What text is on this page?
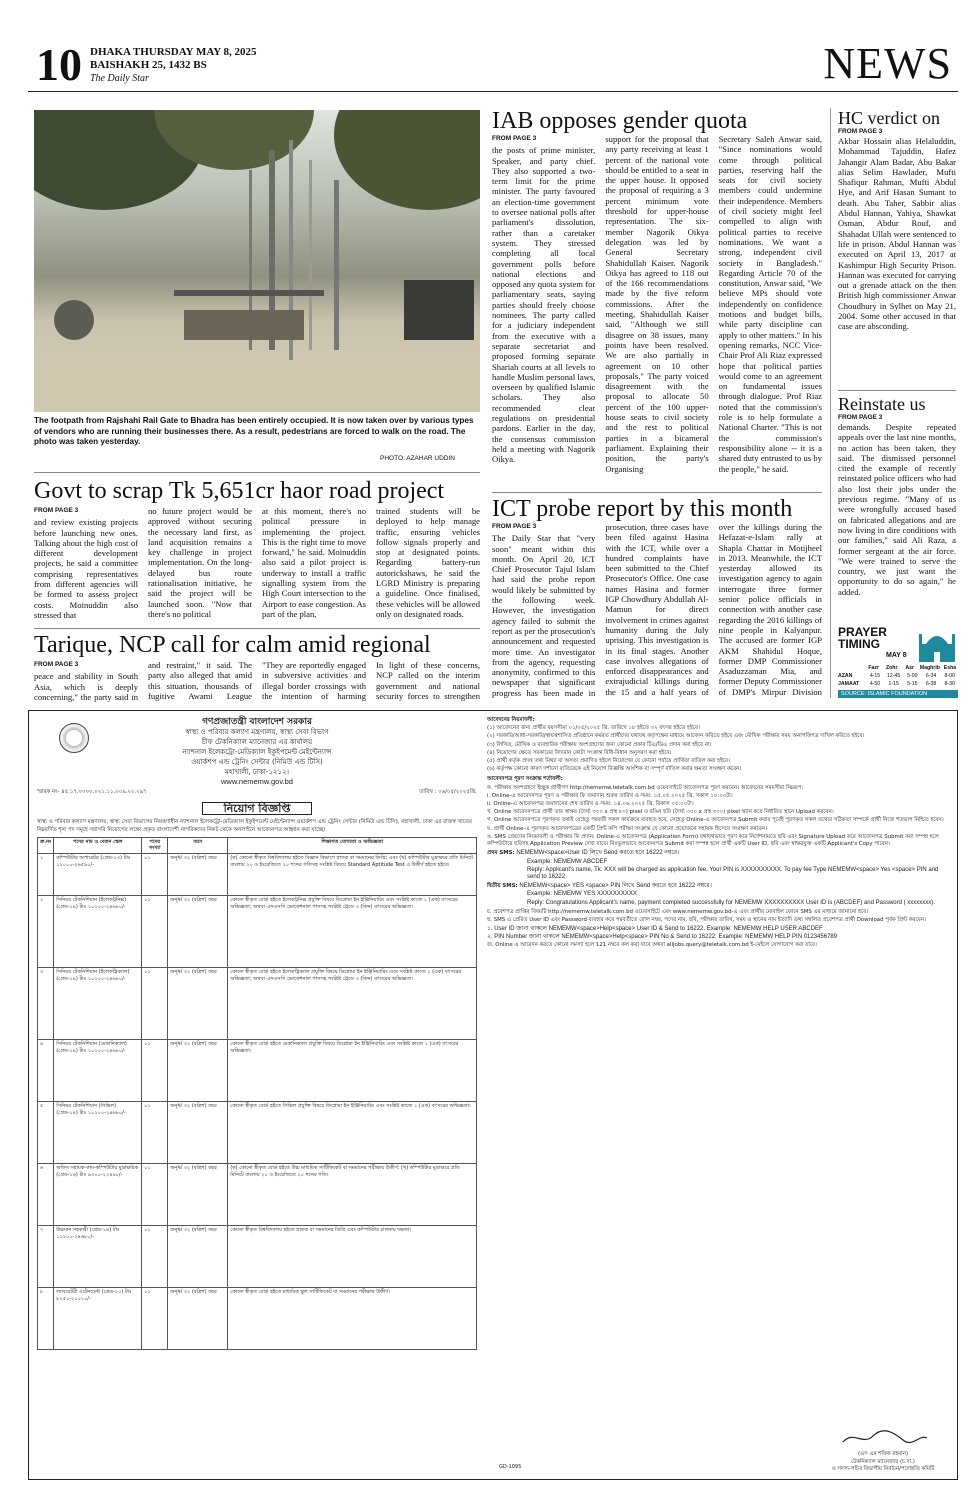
10 DHAKA THURSDAY MAY 8, 2025
BAISHAKH 25, 1432 BS
The Daily Star	NEWS
The footpath from Rajshahi Rail Gate to Bhadra has been entirely occupied. It is now taken over by various types of vendors who are running their businesses there. As a result, pedestrians are forced to walk on the road. The photo was taken yesterday.
PHOTO: AZAHAR UDDIN
IAB opposes gender quota
FROM PAGE 3

the posts of prime minister, Speaker, and party chief. They also supported a two-term limit for the prime minister. The party favoured an election-time government to oversee national polls after parliament's dissolution, rather than a caretaker system. They stressed completing all local government polls before national elections and opposed any quota system for parliamentary seats, saying parties should freely choose nominees. The party called for a judiciary independent from the executive with a separate secretariat and proposed forming separate Shariah courts at all levels to handle Muslim personal laws, overseen by qualified Islamic scholars. They also recommended clear regulations on presidential pardons. Earlier in the day, the consensus commission held a meeting with Nagorik Oikya.

support for the proposal that any party receiving at least 1 percent of the national vote should be entitled to a seat in the upper house. It opposed the proposal of requiring a 3 percent minimum vote threshold for upper-house representation. The six-member Nagorik Oikya delegation was led by General Secretary Shahidullah Kaiser. Nagorik Oikya has agreed to 118 out of the 166 recommendations made by the five reform commissions. After the meeting, Shahidullah Kaiser said, "Although we still disagree on 38 issues, many points have been resolved. We are also partially in agreement on 10 other proposals." The party voiced disagreement with the proposal to allocate 50 percent of the 100 upper-house seats to civil society and the rest to political parties in a bicameral parliament. Explaining their position, the party's Organising

Secretary Saleh Anwar said, "Since nominations would come through political parties, reserving half the seats for civil society members could undermine their independence. Members of civil society might feel compelled to align with political parties to receive nominations. We want a strong, independent civil society in Bangladesh." Regarding Article 70 of the constitution, Anwar said, "We believe MPs should vote independently on confidence motions and budget bills, while party discipline can apply to other matters." In his opening remarks, NCC Vice-Chair Prof Ali Riaz expressed hope that political parties would come to an agreement on fundamental issues through dialogue. Prof Riaz noted that the commission's role is to help formulate a National Charter. "This is not the commission's responsibility alone -- it is a shared duty entrusted to us by the people," he said.

HC verdict on
FROM PAGE 3
Akbar Hossain alias Helaluddin, Mohammad Tajuddin, Hafez Jahangir Alam Badar, Abu Bakar alias Selim Hawlader, Mufti Shafiqur Rahman, Mufti Abdul Hye, and Arif Hasan Sumant to death. Abu Taher, Sabbir alias Abdul Hannan, Yahiya, Shawkat Osman, Abdur Rouf, and Shahadat Ullah were sentenced to life in prison. Abdul Hannan was executed on April 13, 2017 at Kashimpur High Security Prison. Hannan was executed for carrying out a grenade attack on the then British high commissioner Anwar Choudhury in Sylhet on May 21, 2004. Some other accused in that case are absconding.
Reinstate us
FROM PAGE 3
demands. Despite repeated appeals over the last nine months, no action has been taken, they said. The dismissed personnel cited the example of recently reinstated police officers who had also lost their jobs under the previous regime. "Many of us were wrongfully accused based on fabricated allegations and are now living in dire conditions with our families," said Ali Raza, a former sergeant at the air force. "We were trained to serve the country, we just want the opportunity to do so again," he added.
Govt to scrap Tk 5,651cr haor road project
FROM PAGE 3

and review existing projects before launching new ones. Talking about the high cost of different development projects, he said a committee comprising representatives from different agencies will be formed to assess project costs. Moinuddin also stressed that

no future project would be approved without securing the necessary land first, as land acquisition remains a key challenge in project implementation. On the long-delayed bus route rationalisation initiative, he said the project will be launched soon. "Now that there's no political

at this moment, there's no political pressure in implementing the project. This is the right time to move forward," he said. Moinuddin also said a pilot project is underway to install a traffic signalling system from the High Court intersection to the Airport to ease congestion. As part of the plan,

trained students will be deployed to help manage traffic, ensuring vehicles follow signals properly and stop at designated points. Regarding battery-run autorickshaws, he said the LGRD Ministry is preparing a guideline. Once finalised, these vehicles will be allowed only on designated roads.

ICT probe report by this month
FROM PAGE 3

The Daily Star that "very soon" meant within this month. On April 20, ICT Chief Prosecutor Tajul Islam had said the probe report would likely be submitted by the following week. However, the investigation agency failed to submit the report as per the prosecution's announcement and requested more time. An investigator from the agency, requesting anonymity, confirmed to this newspaper that significant progress has been made in

prosecution, three cases have been filed against Hasina with the ICT, while over a hundred complaints have been submitted to the Chief Prosecutor's Office. One case names Hasina and former IGP Chowdhury Abdullah Al-Mamun for direct involvement in crimes against humanity during the July uprising. This investigation is in its final stages. Another case involves allegations of enforced disappearances and extrajudicial killings during the 15 and a half years of

over the killings during the Hefazat-e-Islam rally at Shapla Chattar in Motijheel in 2013. Meanwhile, the ICT yesterday allowed its investigation agency to again interrogate three former senior police officials in connection with another case regarding the 2016 killings of nine people in Kalyanpur. The accused are former IGP AKM Shahidul Hoque, former DMP Commissioner Asaduzzaman Mia, and former Deputy Commissioner of DMP's Mirpur Division

Tarique, NCP call for calm amid regional
FROM PAGE 3

peace and stability in South Asia, which is deeply concerning," the party said in

and restraint," it said. The party also alleged that amid this situation, thousands of fugitive Awami League

"They are reportedly engaged in subversive activities and illegal border crossings with the intention of harming

In light of these concerns, NCP called on the interim government and national security forces to strengthen

PRAYER TIMING
MAY 8
Fazr	Zohr	Asr	Maghrib Esha
AZAN	4-15	12-45	5-00	6-34	8-00
JAMAAT	4-50	1-15	5-15	6-38	8-30
SOURCE: ISLAMIC FOUNDATION
গণপ্রজাতন্ত্রী বাংলাদেশ সরকার
স্বাস্থ্য ও পরিবার কল্যাণ মন্ত্রণালয়, স্বাস্থ্য সেবা বিভাগ
চীফ টেকনিক্যাল ম্যানেজার এর কার্যালয়
ন্যাশনাল ইলেকট্রো-মেডিক্যাল ইকুইপমেন্ট মেইন্টেন্যান্স
ওয়ার্কশপ এন্ড ট্রেনিং সেন্টার (নিমিউ এন্ড টিসি)
মহাখালী, ঢাকা-১২১২।
www.nememw.gov.bd
স্মারক নং- ৪৫.১৭.০০০০.০২১.১১.০০৯.২২.২৯৭	তারিখ : ০৬/০৫/২০২৫খ্রি.
নিয়োগ বিজ্ঞপ্তি
স্বাস্থ্য ও পরিবার কল্যাণ মন্ত্রণালয়, স্বাস্থ্য সেবা বিভাগের নিয়ন্ত্রণাধীন ন্যাশনাল ইলেকট্রো-মেডিক্যাল ইকুইপমেন্ট মেইন্টেন্যান্স ওয়ার্কশপ এন্ড ট্রেনিং সেন্টার (নিমিউ এন্ড টিসি), মহাখালী, ঢাকা এর রাজস্ব খাতের নিম্নবর্ণিত শূন্য পদ সমূহে সরাসরি নিয়োগের লক্ষ্যে প্রকৃত বাংলাদেশী নাগরিকদের নিকট থেকে অনলাইনে আবেদনপত্র আহ্বান করা যাচ্ছে।
ক্র.নং	পদের নাম ও বেতন স্কেল	পদের সংখ্যা	বয়স	শিক্ষাগত যোগ্যতা ও অভিজ্ঞতা
১	কম্পিউটার অপারেটর (গ্রেড-১৩) টাঃ ১১০০০-২৬৫৯০/-	০১	অনূর্ধ্ব ৩২ (বত্রিশ) বছর	(ক) কোনো স্বীকৃত বিশ্ববিদ্যালয় হইতে বিজ্ঞান বিভাগে স্নাতক বা সমমানের ডিগ্রি; এবং (খ) কম্পিউটার মুদ্রাক্ষরে প্রতি মিনিটে বাংলায় ২০ ও ইংরেজিতে ২০ শব্দের গতিসহ সংশ্লিষ্ট বিষয়ে Standard Aptitude Test এ উত্তীর্ণ হইতে হইবে।
২	সিনিয়র টেকনিশিয়ান (ইলেকট্রনিক্স) (গ্রেড-১৪) টাঃ ১০২০০-২৪৬৮০/-	০১	অনূর্ধ্ব ৩২ (বত্রিশ) বছর	কোনো স্বীকৃত বোর্ড হইতে ইলেকট্রনিক্স প্রযুক্তি বিষয়ে ডিপ্লোমা ইন ইঞ্জিনিয়ারিং এবং সংশ্লিষ্ট কাজে ১ (এক) বৎসরের অভিজ্ঞতা; অথবা এসএসসি ভোকেশনাল পাসসহ সংশ্লিষ্ট ট্রেডে ৩ (তিন) বৎসরের অভিজ্ঞতা।
৩	সিনিয়র টেকনিশিয়ান (ইলেকট্রিক্যাল) (গ্রেড-১৪) টাঃ ১০২০০-২৪৬৮০/-	০১	অনূর্ধ্ব ৩২ (বত্রিশ) বছর	কোনো স্বীকৃত বোর্ড হইতে ইলেকট্রিক্যাল প্রযুক্তি বিষয়ে ডিপ্লোমা ইন ইঞ্জিনিয়ারিং এবং সংশ্লিষ্ট কাজে ১ (এক) বৎসরের অভিজ্ঞতা; অথবা এসএসসি ভোকেশনাল পাসসহ সংশ্লিষ্ট ট্রেডে ৩ (তিন) বৎসরের অভিজ্ঞতা।
৪	সিনিয়র টেকনিশিয়ান (মেকানিক্যাল) (গ্রেড-১৪) টাঃ ১০২০০-২৪৬৮০/-	০১	অনূর্ধ্ব ৩২ (বত্রিশ) বছর	কোনো স্বীকৃত বোর্ড হইতে মেকানিক্যাল প্রযুক্তি বিষয়ে ডিপ্লোমা ইন ইঞ্জিনিয়ারিং এবং সংশ্লিষ্ট কাজে ১ (এক) বৎসরের অভিজ্ঞতা।
৫	সিনিয়র টেকনিশিয়ান (সিভিল) (গ্রেড-১৪) টাঃ ১০২০০-২৪৬৮০/-	০১	অনূর্ধ্ব ৩২ (বত্রিশ) বছর	কোনো স্বীকৃত বোর্ড হইতে সিভিল প্রযুক্তি বিষয়ে ডিপ্লোমা ইন ইঞ্জিনিয়ারিং এবং সংশ্লিষ্ট কাজে ১ (এক) বৎসরের অভিজ্ঞতা।
৬	অফিস সহায়ক-কাম-কম্পিউটার মুদ্রাক্ষরিক (গ্রেড-১৬) টাঃ ৯৩০০-২২৪৯০/-	০১	অনূর্ধ্ব ৩২ (বত্রিশ) বছর	(ক) কোনো স্বীকৃত বোর্ড হইতে উচ্চ মাধ্যমিক সার্টিফিকেট বা সমমানের পরীক্ষায় উত্তীর্ণ; (খ) কম্পিউটার মুদ্রাক্ষরে প্রতি মিনিটে বাংলায় ২০ ও ইংরেজিতে ২০ শব্দের গতি।
৭	উচ্চমান সহকারী (গ্রেড-১৪) টাঃ ১০২০০-২৪৬৮০/-	০১	অনূর্ধ্ব ৩২ (বত্রিশ) বছর	কোনো স্বীকৃত বিশ্ববিদ্যালয় হইতে স্নাতক বা সমমানের ডিগ্রি এবং কম্পিউটার চালনায় দক্ষতা।
৮	ল্যাবরেটরী এটেনডেন্ট (গ্রেড-২০) টাঃ ৮২৫০-২০০১০/-	০১	অনূর্ধ্ব ৩২ (বত্রিশ) বছর	কোনো স্বীকৃত বোর্ড হইতে মাধ্যমিক স্কুল সার্টিফিকেট বা সমমানের পরীক্ষায় উত্তীর্ণ।

আবেদনের নিয়মাবলী:

(১) আবেদনের জন্য প্রার্থীর বয়সসীমা ০১/০৫/২০২৫ খ্রি. তারিখে ১৮ হইতে ৩২ বৎসর হইতে হইবে।

(২) সরকারি/আধা-সরকারি/স্বায়ত্তশাসিত প্রতিষ্ঠানে কর্মরত প্রার্থীদের যথাযথ কর্তৃপক্ষের মাধ্যমে আবেদন করিতে হইবে এবং মৌখিক পরীক্ষার সময় অনাপত্তিপত্র দাখিল করিতে হইবে।

(৩) লিখিত, মৌখিক ও ব্যবহারিক পরীক্ষায় অংশগ্রহণের জন্য কোনো প্রকার টিএ/ডিএ প্রদান করা হইবে না।

(৪) নিয়োগের ক্ষেত্রে সরকারের বিদ্যমান কোটা সংক্রান্ত বিধি-বিধান অনুসরণ করা হইবে।

(৫) প্রার্থী কর্তৃক প্রদত্ত তথ্য মিথ্যা বা অসত্য প্রমাণিত হইলে নিয়োগের যে কোনো পর্যায়ে প্রার্থিতা বাতিল করা হইবে।

(৬) কর্তৃপক্ষ কোনো কারণ দর্শানো ব্যতিরেকে এই নিয়োগ বিজ্ঞপ্তি আংশিক বা সম্পূর্ণ বাতিল করার ক্ষমতা সংরক্ষণ করেন।

আবেদনপত্র পূরণ সংক্রান্ত শর্তাবলী:

ক. পরীক্ষায় অংশগ্রহণে ইচ্ছুক প্রার্থীগণ http://nememw.teletalk.com.bd ওয়েবসাইটে আবেদনপত্র পূরণ করবেন। আবেদনের সময়সীমা নিম্নরূপ:

i. Online-এ আবেদনপত্র পূরণ ও পরীক্ষার ফি জমাদান শুরুর তারিখ ও সময়: ১৫.০৫.২০২৫ খ্রি. সকাল ১০:০০টা।

ii. Online-এ আবেদনপত্র জমাদানের শেষ তারিখ ও সময়: ১৪.০৬.২০২৫ খ্রি. বিকাল ০৫:০০টা।

খ. Online আবেদনপত্রে প্রার্থী তার স্বাক্ষর (দৈর্ঘ্য ৩০০ x প্রস্থ ৮০) pixel ও রঙিন ছবি (দৈর্ঘ্য ৩০০ x প্রস্থ ৩০০) pixel স্ক্যান করে নির্ধারিত স্থানে Upload করবেন।

গ. Online আবেদনপত্রে পূরণকৃত তথ্যই যেহেতু পরবর্তী সকল কার্যক্রমে ব্যবহৃত হবে, সেহেতু Online-এ আবেদনপত্র Submit করার পূর্বেই পূরণকৃত সকল তথ্যের সঠিকতা সম্পর্কে প্রার্থী নিজে শতভাগ নিশ্চিত হবেন।

ঘ. প্রার্থী Online-এ পূরণকৃত আবেদনপত্রের একটি প্রিন্ট কপি পরীক্ষা সংক্রান্ত যে কোনো প্রয়োজনে সহায়ক হিসেবে সংরক্ষণ করবেন।

ঙ. SMS প্রেরণের নিয়মাবলী ও পরীক্ষার ফি প্রদান: Online-এ আবেদনপত্র (Application Form) যথাযথভাবে পূরণ করে নির্দেশনামতে ছবি এবং Signature Upload করে আবেদনপত্র Submit করা সম্পন্ন হলে কম্পিউটারে ছবিসহ Application Preview দেখা যাবে। নিঃভুলভাবে আবেদনপত্র Submit করা সম্পন্ন হলে প্রার্থী একটি User ID, ছবি এবং স্বাক্ষরযুক্ত একটি Applicant's Copy পাবেন।

প্রথম SMS: NEMEMW<space>User ID লিখে Send করতে হবে 16222 নম্বরে।

Example: NEMEMW ABCDEF

Reply: Applicant's name, Tk. XXX will be charged as application fee. Your PIN is XXXXXXXXXX. To pay fee Type NEMEMW<space> Yes <space> PIN and send to 16222

দ্বিতীয় SMS: NEMEMW<space> YES <space> PIN লিখে Send করতে হবে 16222 নম্বরে।

Example: NEMEMW YES XXXXXXXXXX

Reply: Congratulations Applicant's name, payment completed successfully for NEMEMW XXXXXXXXXX User ID is (ABCDEF) and Password ( xxxxxxxx).

চ. প্রবেশপত্র প্রাপ্তির বিষয়টি http://nememw.teletalk.com.bd ওয়েবসাইটে এবং www.nememw.gov.bd-এ এবং প্রার্থীর মোবাইল ফোনে SMS এর মাধ্যমে জানানো হবে।

ছ. SMS এ প্রেরিত User ID এবং Password ব্যবহার করে পরবর্তীতে রোল নম্বর, পদের নাম, ছবি, পরীক্ষার তারিখ, সময় ও স্থানের নাম ইত্যাদি তথ্য সম্বলিত প্রবেশপত্র প্রার্থী Download পূর্বক প্রিন্ট করবেন।

১. User ID জানা থাকলে NEMEMW<space>Help<space> User ID & Send to 16222. Example: NEMEMW HELP USER ABCDEF

২. PIN Number জানা থাকলে NEMEMW<space>Help<space> PIN No & Send to 16222. Example: NEMEMW HELP PIN 0123456789

জ. Online এ আবেদন করতে কোনো সমস্যা হলে 121 নম্বরে কল করা যাবে অথবা alljobs.query@teletalk.com.bd ই-মেইলে যোগাযোগ করা যাবে।

GD-1095
(এস এম শফিক রহমান)
টেকনিক্যাল ম্যানেজার (চ.দা.)
ও সদস্য-সচিব বিভাগীয় নির্বাচন/পদোন্নতি কমিটি
